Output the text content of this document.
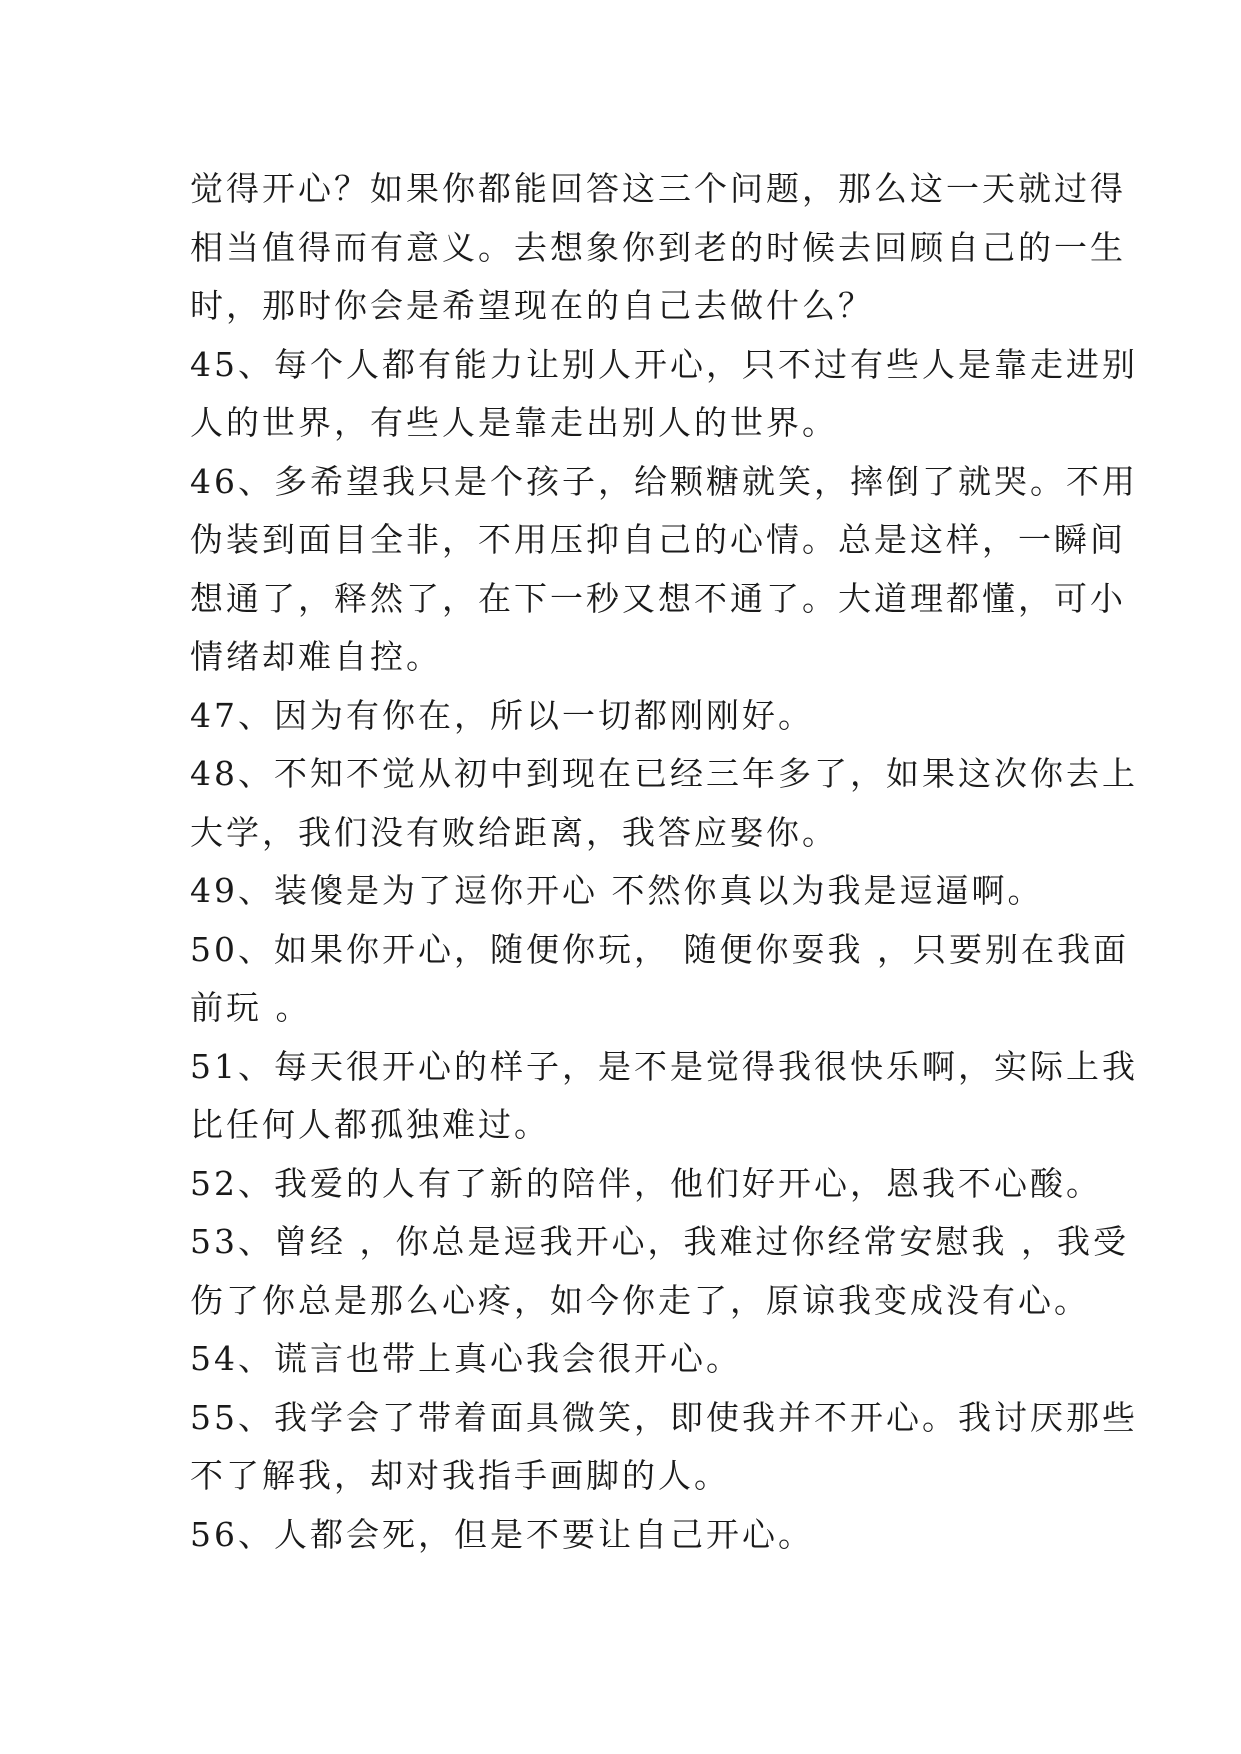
觉得开心？如果你都能回答这三个问题，那么这一天就过得
相当值得而有意义。去想象你到老的时候去回顾自己的一生
时，那时你会是希望现在的自己去做什么？
45、每个人都有能力让别人开心，只不过有些人是靠走进别
人的世界，有些人是靠走出别人的世界。
46、多希望我只是个孩子，给颗糖就笑，摔倒了就哭。不用
伪装到面目全非，不用压抑自己的心情。总是这样，一瞬间
想通了，释然了，在下一秒又想不通了。大道理都懂，可小
情绪却难自控。
47、因为有你在，所以一切都刚刚好。
48、不知不觉从初中到现在已经三年多了，如果这次你去上
大学，我们没有败给距离，我答应娶你。
49、装傻是为了逗你开心 不然你真以为我是逗逼啊。
50、如果你开心，随便你玩， 随便你耍我 ，只要别在我面
前玩 。
51、每天很开心的样子，是不是觉得我很快乐啊，实际上我
比任何人都孤独难过。
52、我爱的人有了新的陪伴，他们好开心，恩我不心酸。
53、曾经 ，你总是逗我开心，我难过你经常安慰我 ，我受
伤了你总是那么心疼，如今你走了，原谅我变成没有心。
54、谎言也带上真心我会很开心。
55、我学会了带着面具微笑，即使我并不开心。我讨厌那些
不了解我，却对我指手画脚的人。
56、人都会死，但是不要让自己开心。
